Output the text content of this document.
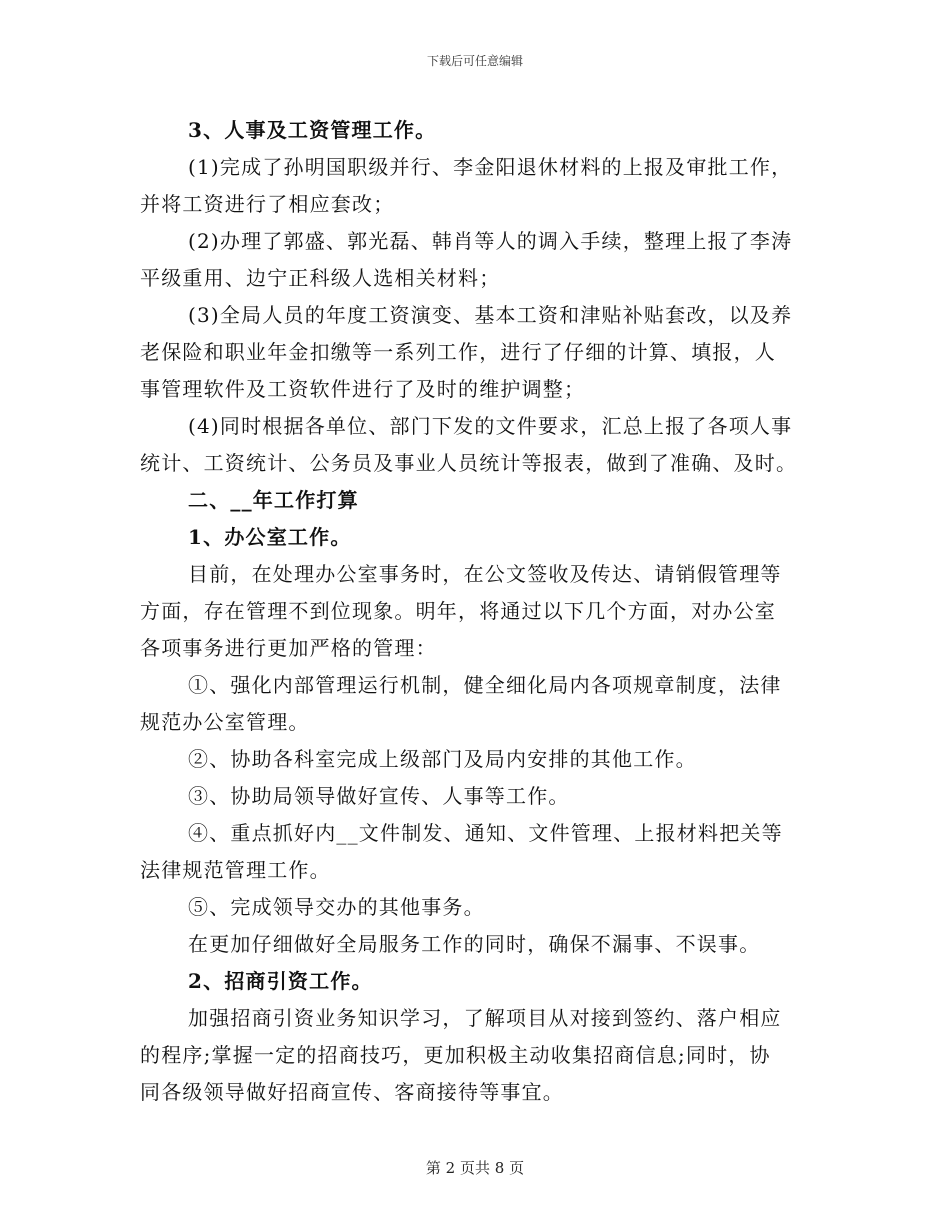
下载后可任意编辑
3、人事及工资管理工作。
(1)完成了孙明国职级并行、李金阳退休材料的上报及审批工作，
并将工资进行了相应套改；
(2)办理了郭盛、郭光磊、韩肖等人的调入手续，整理上报了李涛
平级重用、边宁正科级人选相关材料；
(3)全局人员的年度工资演变、基本工资和津贴补贴套改，以及养
老保险和职业年金扣缴等一系列工作，进行了仔细的计算、填报，人
事管理软件及工资软件进行了及时的维护调整；
(4)同时根据各单位、部门下发的文件要求，汇总上报了各项人事
统计、工资统计、公务员及事业人员统计等报表，做到了准确、及时。
二、__年工作打算
1、办公室工作。
目前，在处理办公室事务时，在公文签收及传达、请销假管理等
方面，存在管理不到位现象。明年，将通过以下几个方面，对办公室
各项事务进行更加严格的管理：
①、强化内部管理运行机制，健全细化局内各项规章制度，法律
规范办公室管理。
②、协助各科室完成上级部门及局内安排的其他工作。
③、协助局领导做好宣传、人事等工作。
④、重点抓好内__文件制发、通知、文件管理、上报材料把关等
法律规范管理工作。
⑤、完成领导交办的其他事务。
在更加仔细做好全局服务工作的同时，确保不漏事、不误事。
2、招商引资工作。
加强招商引资业务知识学习，了解项目从对接到签约、落户相应
的程序;掌握一定的招商技巧，更加积极主动收集招商信息;同时，协
同各级领导做好招商宣传、客商接待等事宜。
第 2 页共 8 页
